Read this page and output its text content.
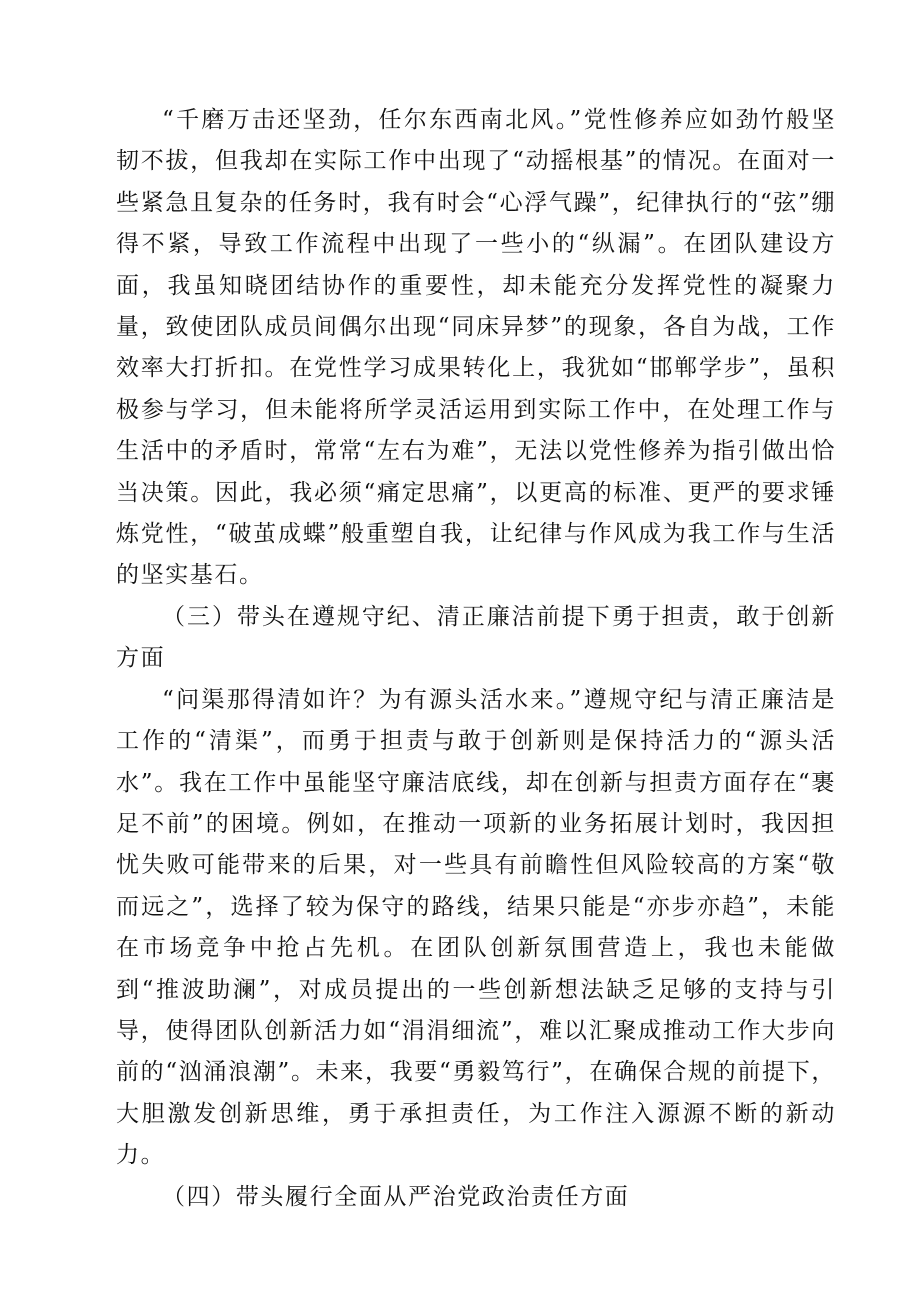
“千磨万击还坚劲，任尔东西南北风。”党性修养应如劲竹般坚韧不拔，但我却在实际工作中出现了“动摇根基”的情况。在面对一些紧急且复杂的任务时，我有时会“心浮气躁”，纪律执行的“弦”绷得不紧，导致工作流程中出现了一些小的“纵漏”。在团队建设方面，我虽知晓团结协作的重要性，却未能充分发挥党性的凝聚力量，致使团队成员间偶尔出现“同床异梦”的现象，各自为战，工作效率大打折扣。在党性学习成果转化上，我犹如“邯郸学步”，虽积极参与学习，但未能将所学灵活运用到实际工作中，在处理工作与生活中的矛盾时，常常“左右为难”，无法以党性修养为指引做出恰当决策。因此，我必须“痛定思痛”，以更高的标准、更严的要求锤炼党性，“破茧成蝶”般重塑自我，让纪律与作风成为我工作与生活的坚实基石。

（三）带头在遵规守纪、清正廉洁前提下勇于担责，敢于创新方面

“问渠那得清如许？为有源头活水来。”遵规守纪与清正廉洁是工作的“清渠”，而勇于担责与敢于创新则是保持活力的“源头活水”。我在工作中虽能坚守廉洁底线，却在创新与担责方面存在“裹足不前”的困境。例如，在推动一项新的业务拓展计划时，我因担忧失败可能带来的后果，对一些具有前瞻性但风险较高的方案“敬而远之”，选择了较为保守的路线，结果只能是“亦步亦趋”，未能在市场竞争中抢占先机。在团队创新氛围营造上，我也未能做到“推波助澜”，对成员提出的一些创新想法缺乏足够的支持与引导，使得团队创新活力如“涓涓细流”，难以汇聚成推动工作大步向前的“汹涌浪潮”。未来，我要“勇毅笃行”，在确保合规的前提下，大胆激发创新思维，勇于承担责任，为工作注入源源不断的新动力。

（四）带头履行全面从严治党政治责任方面
